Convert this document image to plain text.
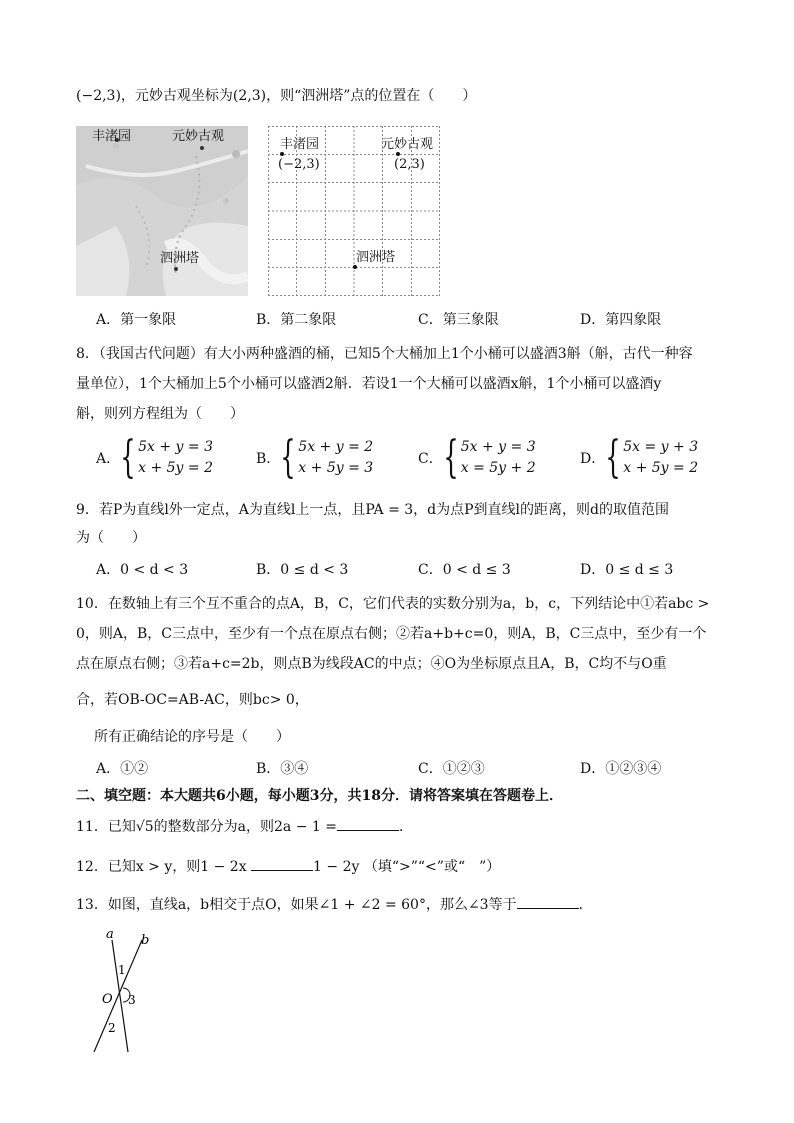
(−2,3)，元妙古观坐标为(2,3)，则“泗洲塔”点的位置在（　　）
丰渚园	元妙古观
泗洲塔
丰渚园
(−2,3)
元妙古观
(2,3)
泗洲塔
A．第一象限	B．第二象限	C．第三象限	D．第四象限
8．（我国古代问题）有大小两种盛酒的桶，已知5个大桶加上1个小桶可以盛酒3斛（斛，古代一种容
量单位），1个大桶加上5个小桶可以盛酒2斛．若设1一个大桶可以盛酒x斛，1个小桶可以盛酒y
斛，则列方程组为（　　）
A． { 5x + y = 3
x + 5y = 2
B． { 5x + y = 2
x + 5y = 3
C． { 5x + y = 3
x = 5y + 2
D． { 5x = y + 3
x + 5y = 2
9．若P为直线l外一定点，A为直线l上一点，且PA = 3，d为点P到直线l的距离，则d的取值范围
为（　　）
A．0 < d < 3	B．0 ≤ d < 3	C．0 < d ≤ 3	D．0 ≤ d ≤ 3
10．在数轴上有三个互不重合的点A，B，C，它们代表的实数分别为a，b，c，下列结论中①若abc >
0，则A，B，C三点中，至少有一个点在原点右侧；②若a+b+c=0，则A，B，C三点中，至少有一个
点在原点右侧；③若a+c=2b，则点B为线段AC的中点；④O为坐标原点且A，B，C均不与O重
合，若OB-OC=AB-AC，则bc> 0，
所有正确结论的序号是（　　）
A．①②	B．③④	C．①②③	D．①②③④
二、填空题：本大题共6小题，每小题3分，共18分．请将答案填在答题卷上．
11．已知√5的整数部分为a，则2a − 1 =	．
12．已知x > y，则1 − 2x	1 − 2y （填“>”“<”或“　”）
13．如图，直线a，b相交于点O，如果∠1 + ∠2 = 60°，那么∠3等于	．
a b
1
O 3
2
